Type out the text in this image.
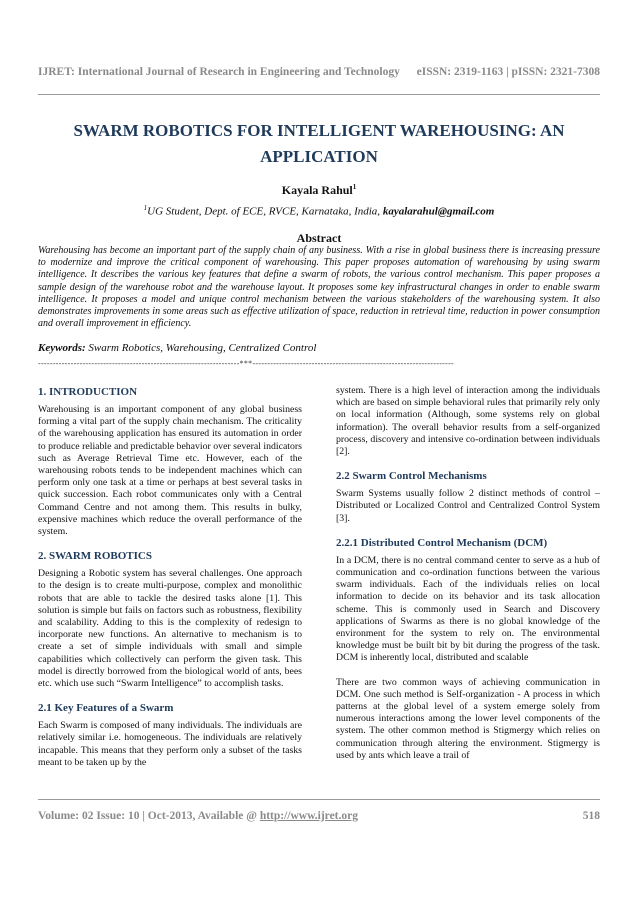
IJRET: International Journal of Research in Engineering and Technology eISSN: 2319-1163 | pISSN: 2321-7308
SWARM ROBOTICS FOR INTELLIGENT WAREHOUSING: AN
APPLICATION
Kayala Rahul$^1$
$^1$UG Student, Dept. of ECE, RVCE, Karnataka, India, kayalarahul@gmail.com
Abstract
Warehousing has become an important part of the supply chain of any business. With a rise in global business there is increasing pressure to modernize and improve the critical component of warehousing. This paper proposes automation of warehousing by using swarm intelligence. It describes the various key features that define a swarm of robots, the various control mechanism. This paper proposes a sample design of the warehouse robot and the warehouse layout. It proposes some key infrastructural changes in order to enable swarm intelligence. It proposes a model and unique control mechanism between the various stakeholders of the warehousing system. It also demonstrates improvements in some areas such as effective utilization of space, reduction in retrieval time, reduction in power consumption and overall improvement in efficiency.
Keywords: Swarm Robotics, Warehousing, Centralized Control
--------------------------------------------------------------------***--------------------------------------------------------------------
1. INTRODUCTION

Warehousing is an important component of any global business forming a vital part of the supply chain mechanism. The criticality of the warehousing application has ensured its automation in order to produce reliable and predictable behavior over several indicators such as Average Retrieval Time etc. However, each of the warehousing robots tends to be independent machines which can perform only one task at a time or perhaps at best several tasks in quick succession. Each robot communicates only with a Central Command Centre and not among them. This results in bulky, expensive machines which reduce the overall performance of the system.

2. SWARM ROBOTICS

Designing a Robotic system has several challenges. One approach to the design is to create multi-purpose, complex and monolithic robots that are able to tackle the desired tasks alone [1]. This solution is simple but fails on factors such as robustness, flexibility and scalability. Adding to this is the complexity of redesign to incorporate new functions. An alternative to mechanism is to create a set of simple individuals with small and simple capabilities which collectively can perform the given task. This model is directly borrowed from the biological world of ants, bees etc. which use such “Swarm Intelligence” to accomplish tasks.

2.1 Key Features of a Swarm

Each Swarm is composed of many individuals. The individuals are relatively similar i.e. homogeneous. The individuals are relatively incapable. This means that they perform only a subset of the tasks meant to be taken up by the

system. There is a high level of interaction among the individuals which are based on simple behavioral rules that primarily rely only on local information (Although, some systems rely on global information). The overall behavior results from a self-organized process, discovery and intensive co-ordination between individuals [2].

2.2 Swarm Control Mechanisms

Swarm Systems usually follow 2 distinct methods of control – Distributed or Localized Control and Centralized Control System [3].

2.2.1 Distributed Control Mechanism (DCM)

In a DCM, there is no central command center to serve as a hub of communication and co-ordination functions between the various swarm individuals. Each of the individuals relies on local information to decide on its behavior and its task allocation scheme. This is commonly used in Search and Discovery applications of Swarms as there is no global knowledge of the environment for the system to rely on. The environmental knowledge must be built bit by bit during the progress of the task. DCM is inherently local, distributed and scalable

There are two common ways of achieving communication in DCM. One such method is Self-organization - A process in which patterns at the global level of a system emerge solely from numerous interactions among the lower level components of the system. The other common method is Stigmergy which relies on communication through altering the environment. Stigmergy is used by ants which leave a trail of

Volume: 02 Issue: 10 | Oct-2013, Available @ http://www.ijret.org	518
